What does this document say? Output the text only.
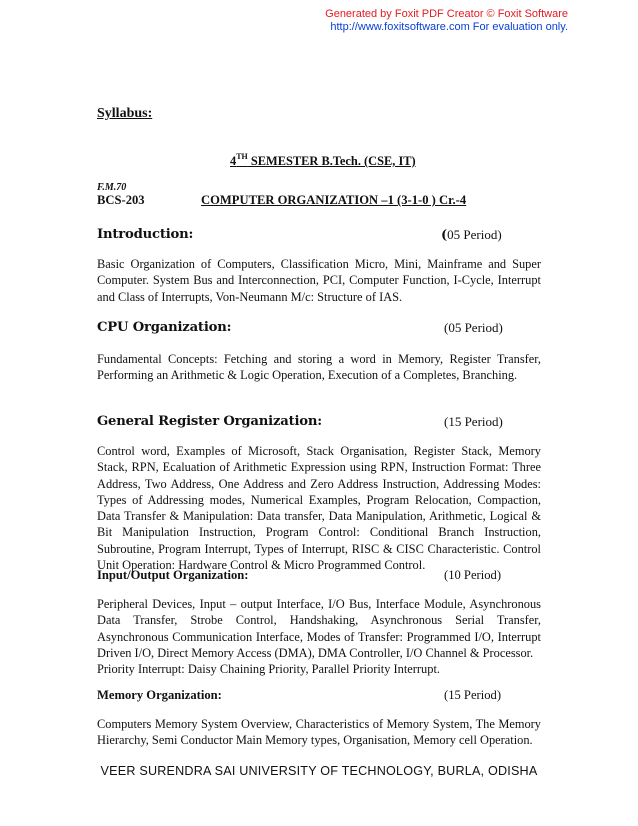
Generated by Foxit PDF Creator © Foxit Software
http://www.foxitsoftware.com For evaluation only.
Syllabus:
4TH SEMESTER B.Tech. (CSE, IT)
F.M.70
BCS-203	COMPUTER ORGANIZATION –1 (3-1-0 ) Cr.-4
Introduction:	(05 Period)
Basic Organization of Computers, Classification Micro, Mini, Mainframe and Super Computer. System Bus and Interconnection, PCI, Computer Function, I-Cycle, Interrupt and Class of Interrupts, Von-Neumann M/c: Structure of IAS.
CPU Organization:	(05 Period)
Fundamental Concepts: Fetching and storing a word in Memory, Register Transfer, Performing an Arithmetic & Logic Operation, Execution of a Completes, Branching.
General Register Organization:	(15 Period)
Control word, Examples of Microsoft, Stack Organisation, Register Stack, Memory Stack, RPN, Ecaluation of Arithmetic Expression using RPN, Instruction Format: Three Address, Two Address, One Address and Zero Address Instruction, Addressing Modes: Types of Addressing modes, Numerical Examples, Program Relocation, Compaction, Data Transfer & Manipulation: Data transfer, Data Manipulation, Arithmetic, Logical & Bit Manipulation Instruction, Program Control: Conditional Branch Instruction, Subroutine, Program Interrupt, Types of Interrupt, RISC & CISC Characteristic. Control Unit Operation: Hardware Control & Micro Programmed Control.
Input/Output Organization:	(10 Period)
Peripheral Devices, Input – output Interface, I/O Bus, Interface Module, Asynchronous Data Transfer, Strobe Control, Handshaking, Asynchronous Serial Transfer, Asynchronous Communication Interface, Modes of Transfer: Programmed I/O, Interrupt Driven I/O, Direct Memory Access (DMA), DMA Controller, I/O Channel & Processor.
Priority Interrupt: Daisy Chaining Priority, Parallel Priority Interrupt.
Memory Organization:	(15 Period)
Computers Memory System Overview, Characteristics of Memory System, The Memory Hierarchy, Semi Conductor Main Memory types, Organisation, Memory cell Operation.
VEER SURENDRA SAI UNIVERSITY OF TECHNOLOGY, BURLA, ODISHA
